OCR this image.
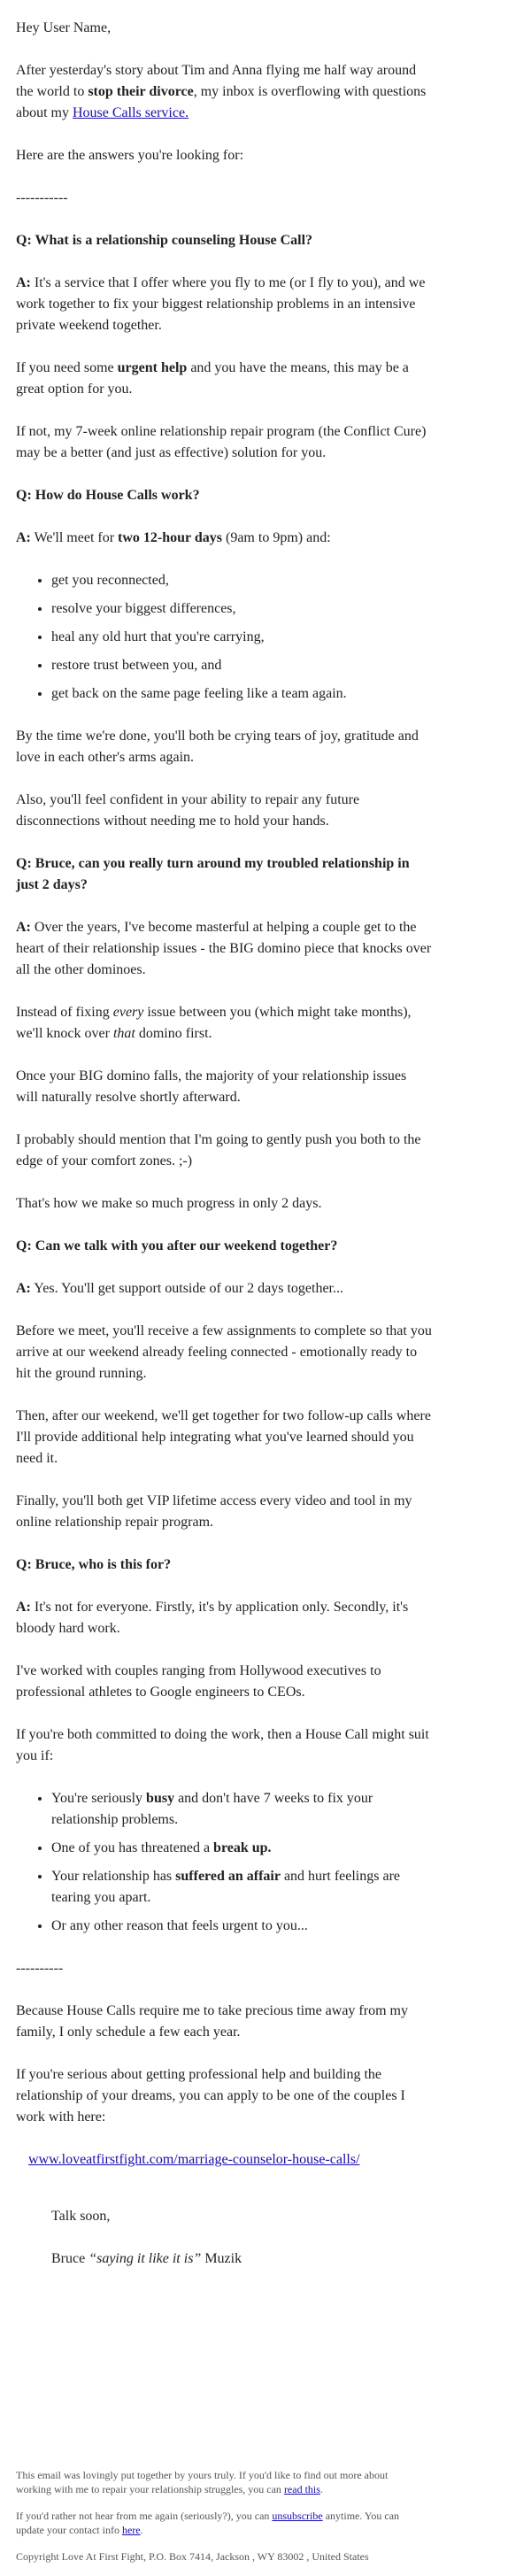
Hey User Name,

After yesterday's story about Tim and Anna flying me half way around the world to stop their divorce, my inbox is overflowing with questions about my House Calls service.

Here are the answers you're looking for:

-----------

Q: What is a relationship counseling House Call?

A: It's a service that I offer where you fly to me (or I fly to you), and we work together to fix your biggest relationship problems in an intensive private weekend together.

If you need some urgent help and you have the means, this may be a great option for you.

If not, my 7-week online relationship repair program (the Conflict Cure) may be a better (and just as effective) solution for you.

Q: How do House Calls work?

A: We'll meet for two 12-hour days (9am to 9pm) and:

• get you reconnected,
• resolve your biggest differences,
• heal any old hurt that you're carrying,
• restore trust between you, and
• get back on the same page feeling like a team again.

By the time we're done, you'll both be crying tears of joy, gratitude and love in each other's arms again.

Also, you'll feel confident in your ability to repair any future disconnections without needing me to hold your hands.

Q: Bruce, can you really turn around my troubled relationship in just 2 days?

A: Over the years, I've become masterful at helping a couple get to the heart of their relationship issues - the BIG domino piece that knocks over all the other dominoes.

Instead of fixing every issue between you (which might take months), we'll knock over that domino first.

Once your BIG domino falls, the majority of your relationship issues will naturally resolve shortly afterward.

I probably should mention that I'm going to gently push you both to the edge of your comfort zones. ;-)

That's how we make so much progress in only 2 days.

Q: Can we talk with you after our weekend together?

A: Yes. You'll get support outside of our 2 days together...

Before we meet, you'll receive a few assignments to complete so that you arrive at our weekend already feeling connected - emotionally ready to hit the ground running.

Then, after our weekend, we'll get together for two follow-up calls where I'll provide additional help integrating what you've learned should you need it.

Finally, you'll both get VIP lifetime access every video and tool in my online relationship repair program.

Q: Bruce, who is this for?

A: It's not for everyone. Firstly, it's by application only. Secondly, it's bloody hard work.

I've worked with couples ranging from Hollywood executives to professional athletes to Google engineers to CEOs.

If you're both committed to doing the work, then a House Call might suit you if:

• You're seriously busy and don't have 7 weeks to fix your relationship problems.
• One of you has threatened a break up.
• Your relationship has suffered an affair and hurt feelings are tearing you apart.
• Or any other reason that feels urgent to you...

----------

Because House Calls require me to take precious time away from my family, I only schedule a few each year.

If you're serious about getting professional help and building the relationship of your dreams, you can apply to be one of the couples I work with here:

www.loveatfirstfight.com/marriage-counselor-house-calls/

Talk soon,

Bruce “saying it like it is” Muzik

This email was lovingly put together by yours truly. If you'd like to find out more about working with me to repair your relationship struggles, you can read this.

If you'd rather not hear from me again (seriously?), you can unsubscribe anytime. You can update your contact info here.

Copyright Love At First Fight, P.O. Box 7414, Jackson , WY 83002 , United States
